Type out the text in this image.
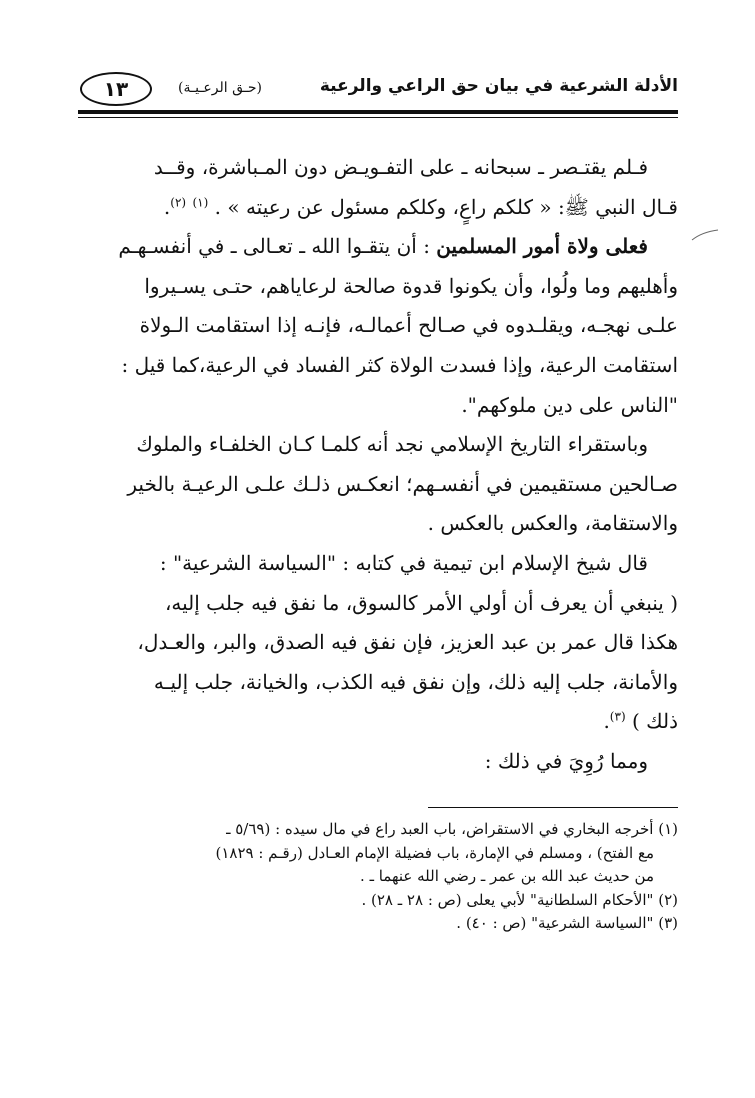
الأدلة الشرعية في بيان حق الراعي والرعية
(حـق الرعـيـة)
١٣
فـلم يقتـصر ـ سبحانه ـ على التفـويـض دون المـباشرة، وقــد
قـال النبي ﷺ: « كلكم راعٍ، وكلكم مسئول عن رعيته » . $^{(١)}$ $^{(٢)}$.
فعلى ولاة أمور المسلمين : أن يتقـوا الله ـ تعـالى ـ في أنفسـهـم
وأهليهم وما ولُوا، وأن يكونوا قدوة صالحة لرعاياهم، حتـى يسـيروا
علـى نهجـه، ويقلـدوه في صـالح أعمالـه، فإنـه إذا استقامت الـولاة
استقامت الرعية، وإذا فسدت الولاة كثر الفساد في الرعية،كما قيل :
"الناس على دين ملوكهم".
وباستقراء التاريخ الإسلامي نجد أنه كلمـا كـان الخلفـاء والملوك
صـالحين مستقيمين في أنفسـهم؛ انعكـس ذلـك علـى الرعيـة بالخير
والاستقامة، والعكس بالعكس .
قال شيخ الإسلام ابن تيمية في كتابه : "السياسة الشرعية" :
( ينبغي أن يعرف أن أولي الأمر كالسوق، ما نفق فيه جلب إليه،
هكذا قال عمر بن عبد العزيز، فإن نفق فيه الصدق، والبر، والعـدل،
والأمانة، جلب إليه ذلك، وإن نفق فيه الكذب، والخيانة، جلب إليـه
ذلك ) $^{(٣)}$.
ومما رُوِيَ في ذلك :
(١) أخرجه البخاري في الاستقراض، باب العبد راع في مال سيده : (٥/٦٩ ـ
مع الفتح) ، ومسلم في الإمارة، باب فضيلة الإمام العـادل (رقـم : ١٨٢٩)
من حديث عبد الله بن عمر ـ رضي الله عنهما ـ .
(٢) "الأحكام السلطانية" لأبي يعلى (ص : ٢٨ ـ ٢٨) .
(٣) "السياسة الشرعية" (ص : ٤٠) .
